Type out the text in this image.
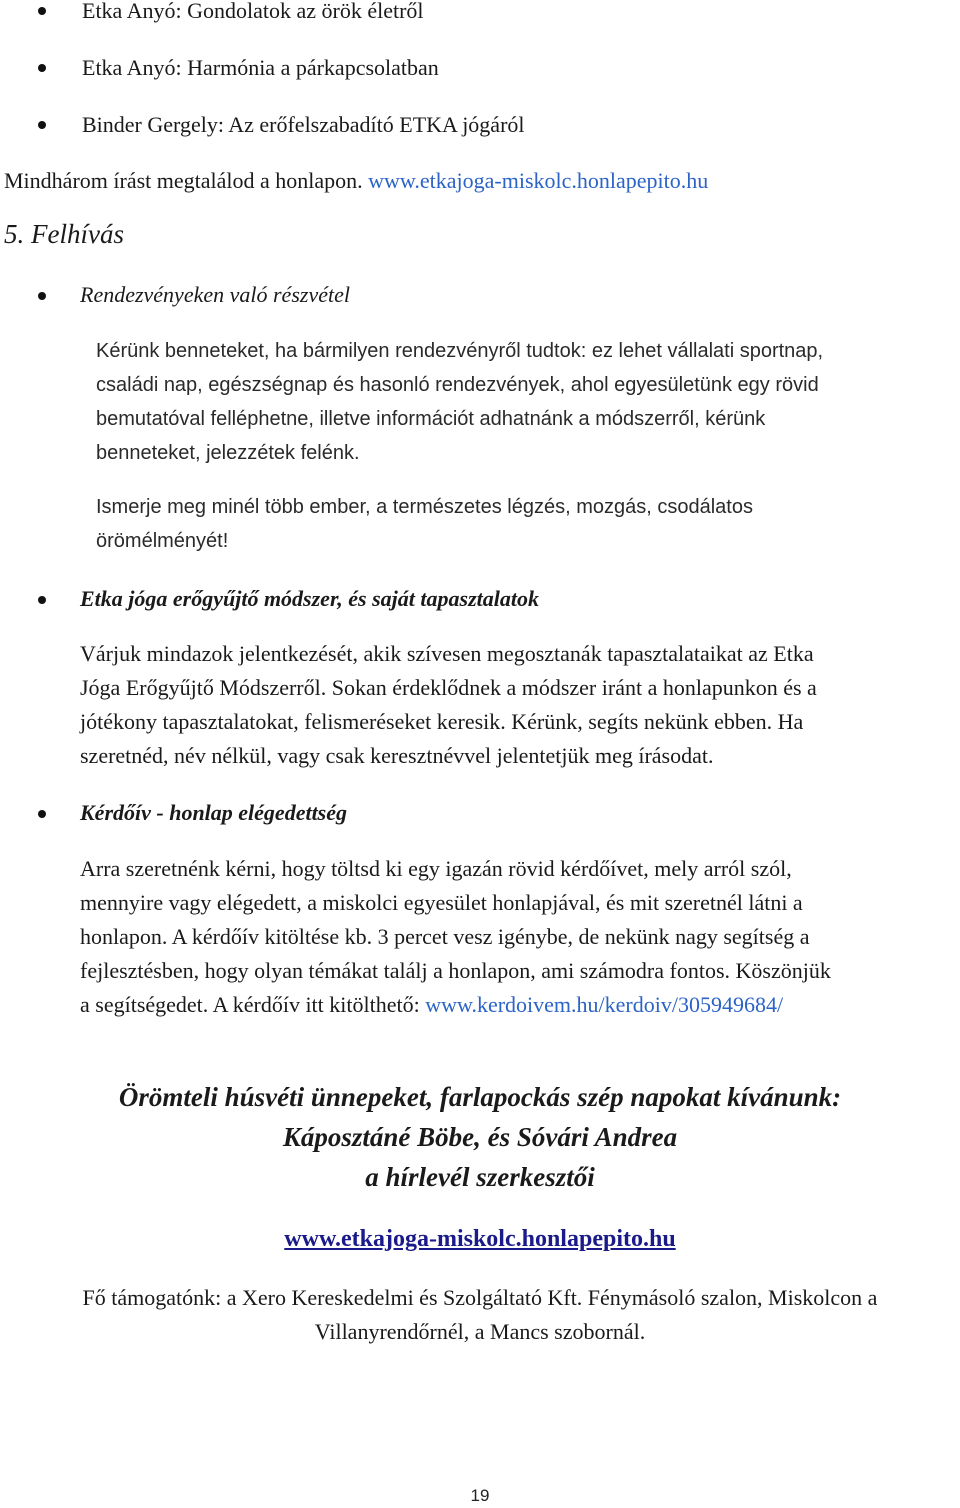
Etka Anyó: Gondolatok az örök életről
Etka Anyó: Harmónia a párkapcsolatban
Binder Gergely: Az erőfelszabadító ETKA jógáról
Mindhárom írást megtalálod a honlapon. www.etkajoga-miskolc.honlapepito.hu
5. Felhívás
Rendezvényeken való részvétel
Kérünk benneteket, ha bármilyen rendezvényről tudtok: ez lehet vállalati sportnap,
családi nap, egészségnap és hasonló rendezvények, ahol egyesületünk egy rövid
bemutatóval felléphetne, illetve információt adhatnánk a módszerről, kérünk
benneteket, jelezzétek felénk.
Ismerje meg minél több ember, a természetes légzés, mozgás, csodálatos
örömélményét!
Etka jóga erőgyűjtő módszer, és saját tapasztalatok
Várjuk mindazok jelentkezését, akik szívesen megosztanák tapasztalataikat az Etka
Jóga Erőgyűjtő Módszerről. Sokan érdeklődnek a módszer iránt a honlapunkon és a
jótékony tapasztalatokat, felismeréseket keresik. Kérünk, segíts nekünk ebben. Ha
szeretnéd, név nélkül, vagy csak keresztnévvel jelentetjük meg írásodat.
Kérdőív - honlap elégedettség
Arra szeretnénk kérni, hogy töltsd ki egy igazán rövid kérdőívet, mely arról szól,
mennyire vagy elégedett, a miskolci egyesület honlapjával, és mit szeretnél látni a
honlapon. A kérdőív kitöltése kb. 3 percet vesz igénybe, de nekünk nagy segítség a
fejlesztésben, hogy olyan témákat találj a honlapon, ami számodra fontos. Köszönjük
a segítségedet. A kérdőív itt kitölthető: www.kerdoivem.hu/kerdoiv/305949684/
Örömteli húsvéti ünnepeket, farlapockás szép napokat kívánunk:
Káposztáné Böbe, és Sóvári Andrea
a hírlevél szerkesztői
www.etkajoga-miskolc.honlapepito.hu
Fő támogatónk: a Xero Kereskedelmi és Szolgáltató Kft. Fénymásoló szalon, Miskolcon a
Villanyrendőrnél, a Mancs szobornál.
19
